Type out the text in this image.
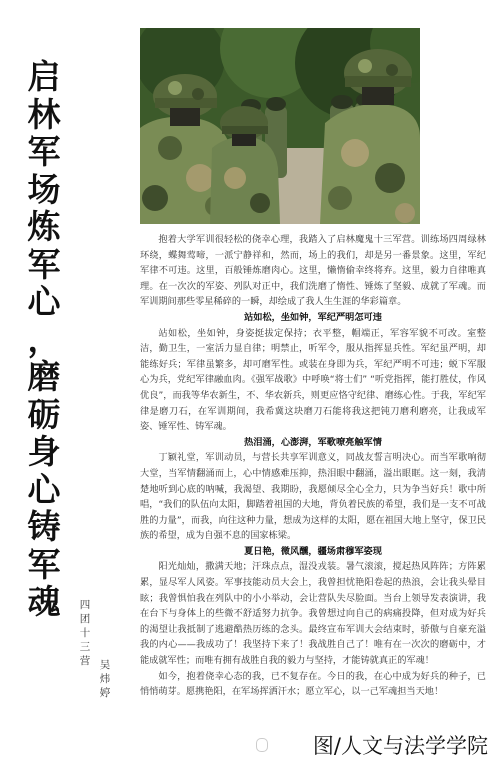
启
林
军
场
炼
军
心
，
磨
砺
身
心
铸
军
魂	四
团
十
三
营 吴
炜
婷

抱着大学军训很轻松的侥幸心理，我踏入了启林魔鬼十三军营。训练场四周绿林环绕，蝶舞莺啼，一派宁静祥和，然而，场上的我们，却是另一番景象。这里，军纪军律不可违。这里，百般锤炼磨肉心。这里，懒惰偷幸终将弃。这里，毅力自律唯真理。在一次次的军姿、列队对正中，我们洗磨了惰性、锤炼了坚毅、成就了军魂。而军训期间那些零星稀碎的一瞬，却绘成了我人生生涯的华彩篇章。

站如松，坐如钟，军纪严明怎可违

站如松，坐如钟，身姿挺拔定保持；衣平整，帽端正，军容军貌不可改。室整洁，勤卫生，一室活力显自律；明禁止，听军令，服从指挥显兵性。军纪虽严明，却能练好兵；军律虽繁多，却可磨军性。或装在身即为兵，军纪严明不可违；蜕下军服心为兵，党纪军律融血肉。《强军战歌》中呼唤“将士们” “听党指挥，能打胜仗，作风优良”，而我等华农新生，不、华农新兵，则更应恪守纪律、磨练心性。于我，军纪军律是磨刀石，在军训期间，我希冀这块磨刀石能将我这把钝刀磨利磨亮，让我成军姿、锤军性、铸军魂。

热泪涌，心澎湃，军歌嘹亮触军情

丁颖礼堂，军训动员，与营长共享军训意义，同战友誓言明决心。而当军歌响彻大堂，当军情翻涌而上，心中情感难压抑，热泪眼中翻涌，溢出眼眶。这一刻，我清楚地听到心底的呐喊，我渴望、我期盼，我愿倾尽全心全力，只为争当好兵！歌中所唱，“我们的队伍向太阳，脚踏着祖国的大地，背负着民族的希望，我们是一支不可战胜的力量”，而我，向往这种力量，想成为这样的太阳，愿在祖国大地上坚守，保卫民族的希望，成为自强不息的国家栋梁。

夏日艳，微风醺，疆场肃穆军姿现

阳光灿灿，撒满天地；汗珠点点，湿没戎装。暑气滚滚，搅起热风阵阵；方阵累累，显尽军人风姿。军事技能动员大会上，我曾担忧艳阳卷起的热浪，会让我头晕目眩；我曾惧怕我在列队中的小小举动，会让营队失尽脸面。当台上领导发表演讲，我在台下与身体上的些微不舒适努力抗争。我曾想过向自己的病痛投降，但对成为好兵的渴望让我抵制了逃避酷热历练的念头。最终宣布军训大会结束时，骄傲与自豪充溢我的内心——我成功了！我坚持下来了！我战胜自己了！唯有在一次次的磨砺中，才能成就军性；而唯有拥有战胜自我的毅力与坚持，才能铸就真正的军魂！

如今，抱着侥幸心态的我，已不复存在。今日的我，在心中成为好兵的种子，已悄悄萌芽。愿携艳阳，在军场挥洒汗水；愿立军心，以一己军魂担当天地！

图/人文与法学学院
